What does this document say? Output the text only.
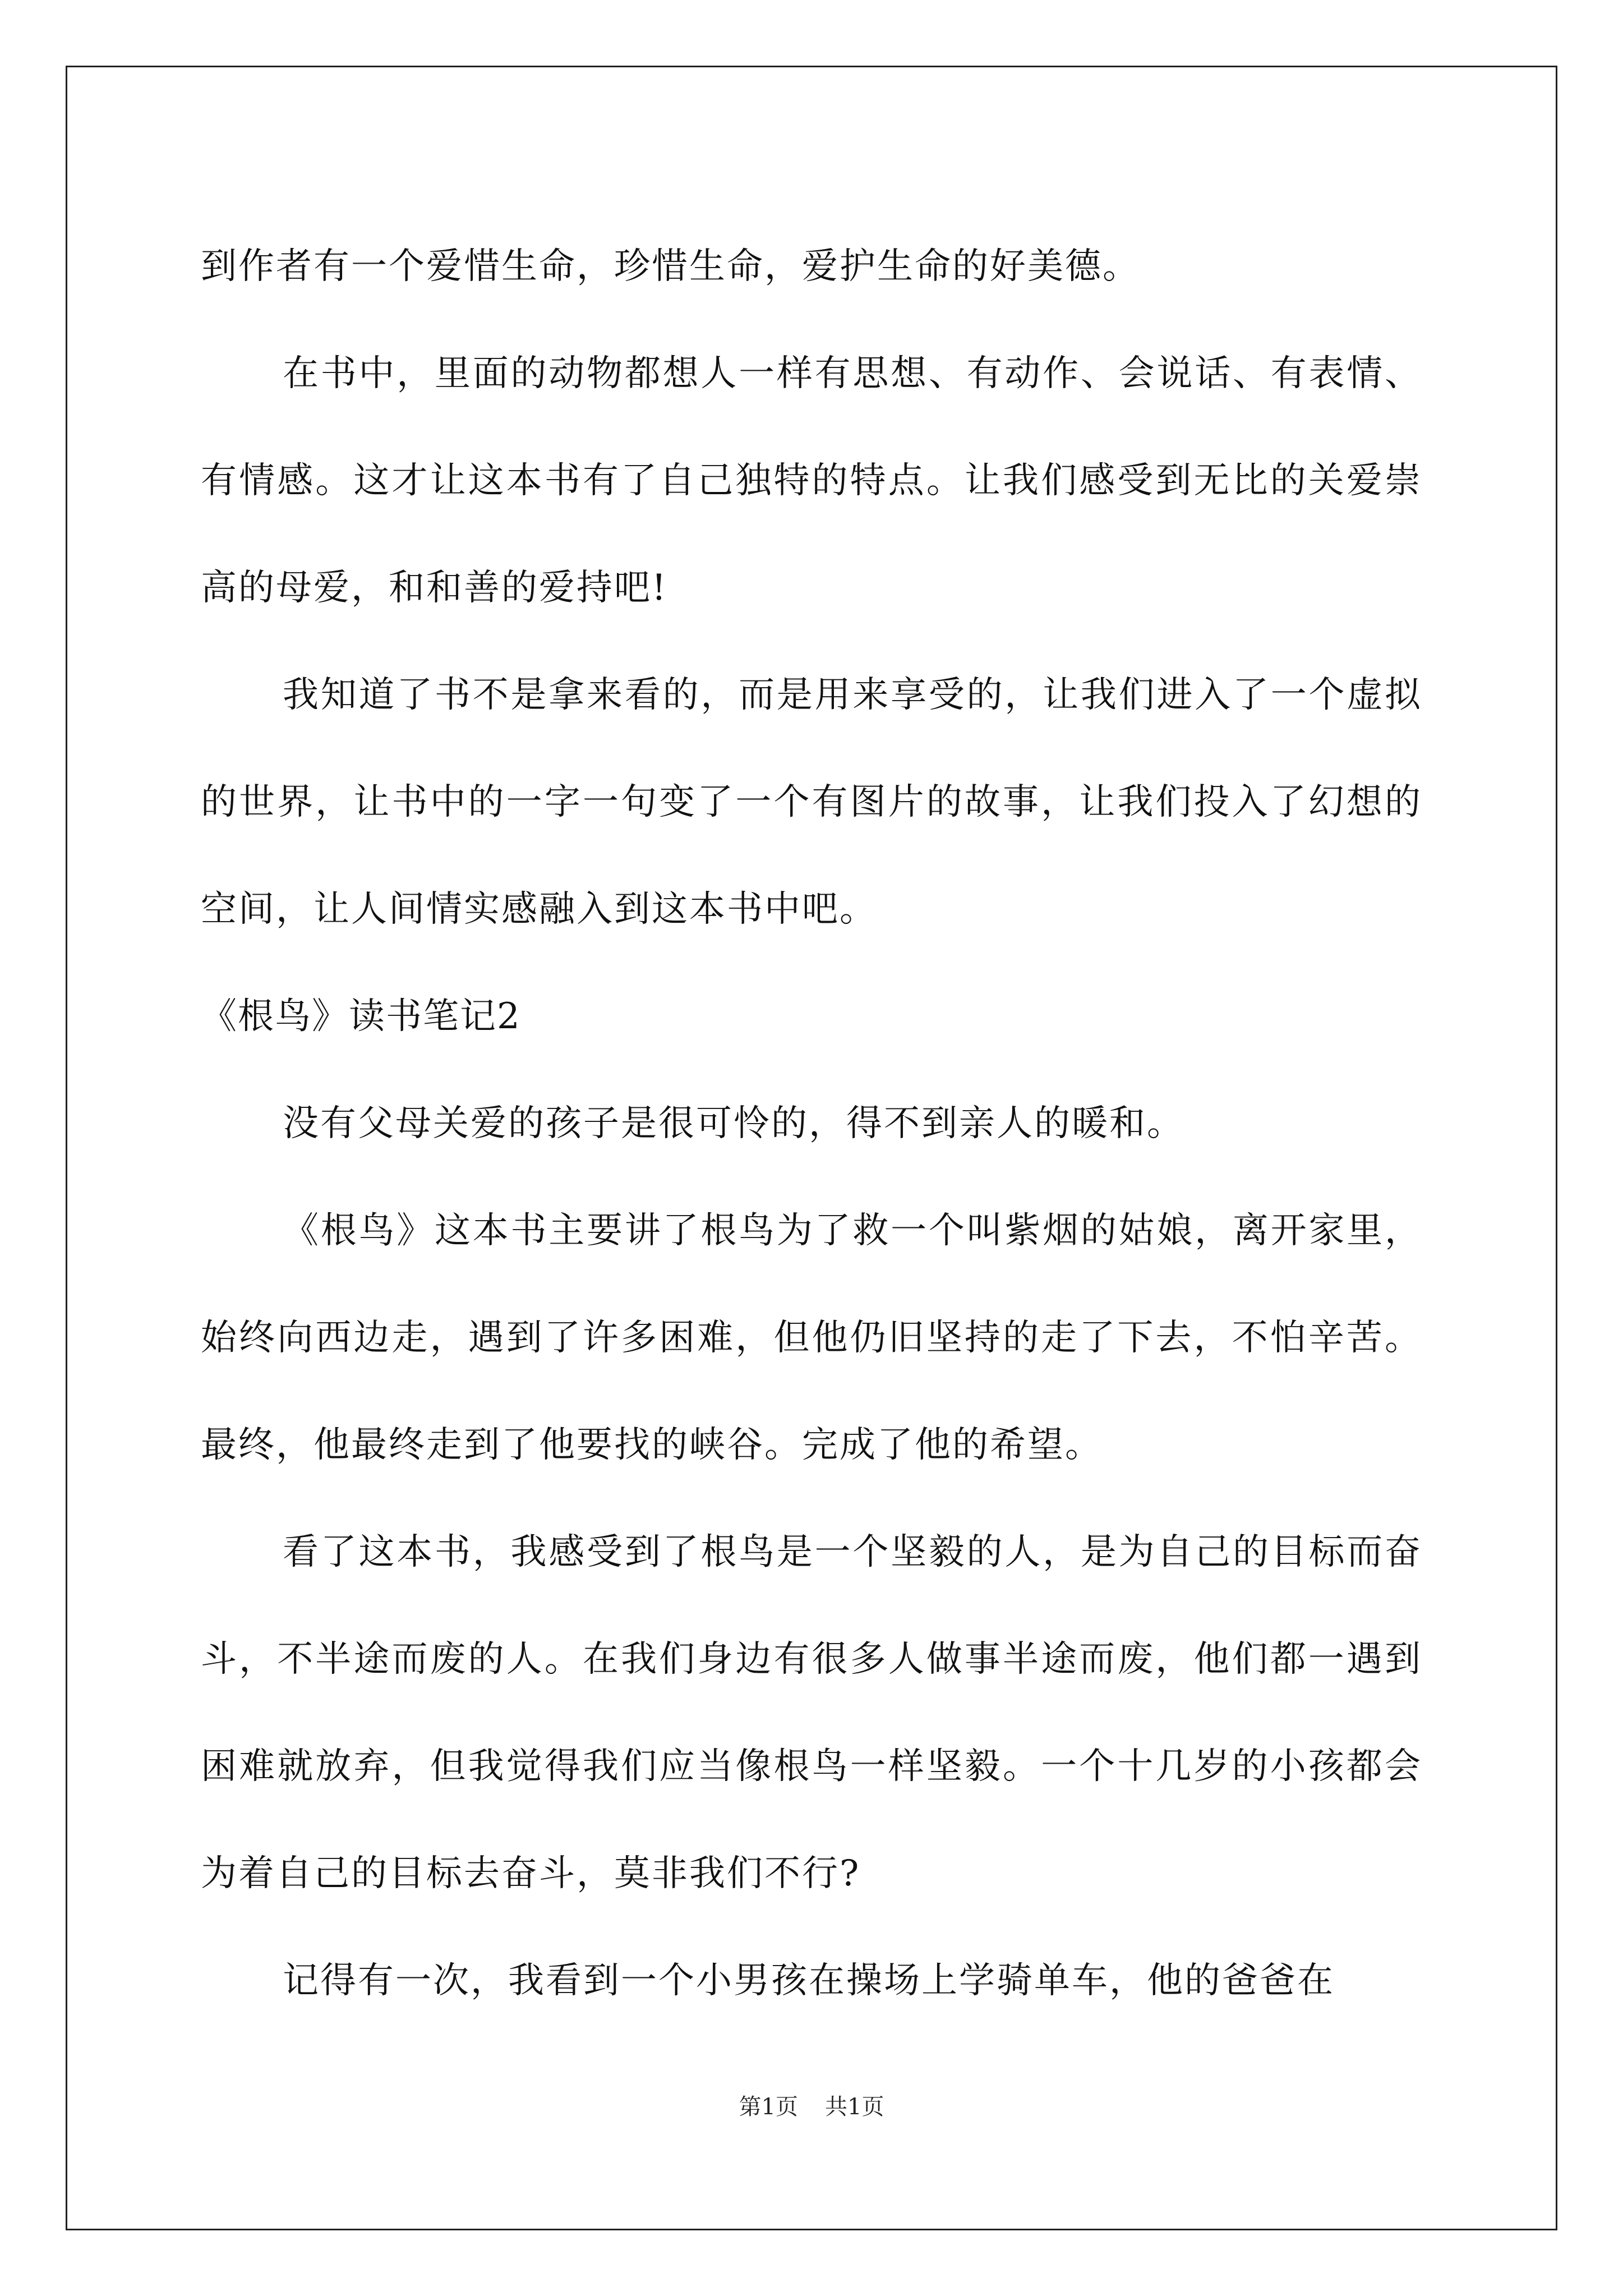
到作者有一个爱惜生命，珍惜生命，爱护生命的好美德。

在书中，里面的动物都想人一样有思想、有动作、会说话、有表情、有情感。这才让这本书有了自己独特的特点。让我们感受到无比的关爱崇高的母爱，和和善的爱持吧!

我知道了书不是拿来看的，而是用来享受的，让我们进入了一个虚拟的世界，让书中的一字一句变了一个有图片的故事，让我们投入了幻想的空间，让人间情实感融入到这本书中吧。

《根鸟》读书笔记2

没有父母关爱的孩子是很可怜的，得不到亲人的暖和。

《根鸟》这本书主要讲了根鸟为了救一个叫紫烟的姑娘，离开家里，始终向西边走，遇到了许多困难，但他仍旧坚持的走了下去，不怕辛苦。最终，他最终走到了他要找的峡谷。完成了他的希望。

看了这本书，我感受到了根鸟是一个坚毅的人，是为自己的目标而奋斗，不半途而废的人。在我们身边有很多人做事半途而废，他们都一遇到困难就放弃，但我觉得我们应当像根鸟一样坚毅。一个十几岁的小孩都会为着自己的目标去奋斗，莫非我们不行?

记得有一次，我看到一个小男孩在操场上学骑单车，他的爸爸在

第1页 共1页
